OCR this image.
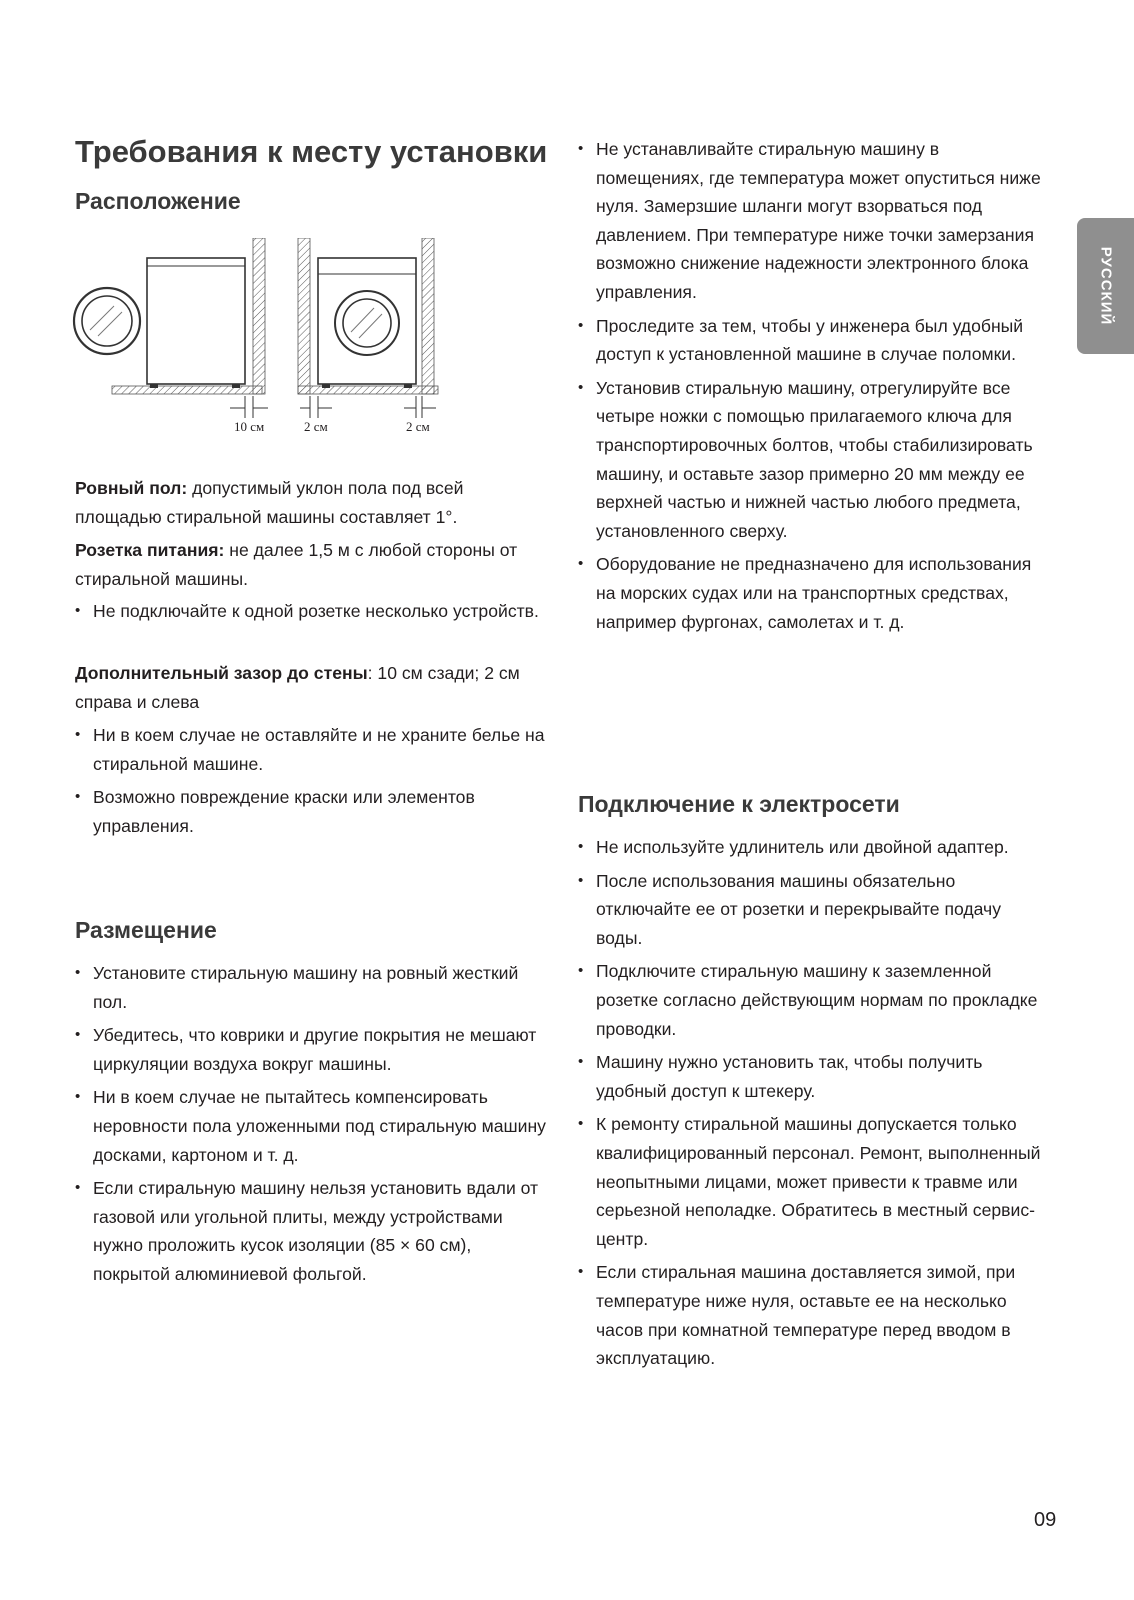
РУССКИЙ
Требования к месту установки
Расположение
10 см	2 см	2 см

Ровный пол: допустимый уклон пола под всей площадью стиральной машины составляет 1°.

Розетка питания: не далее 1,5 м с любой стороны от стиральной машины.

• Не подключайте к одной розетке несколько устройств.

Дополнительный зазор до стены: 10 см сзади; 2 см справа и слева

• Ни в коем случае не оставляйте и не храните белье на стиральной машине.
• Возможно повреждение краски или элементов управления.
Размещение
• Установите стиральную машину на ровный жесткий пол.
• Убедитесь, что коврики и другие покрытия не мешают циркуляции воздуха вокруг машины.
• Ни в коем случае не пытайтесь компенсировать неровности пола уложенными под стиральную машину досками, картоном и т. д.
• Если стиральную машину нельзя установить вдали от газовой или угольной плиты, между устройствами нужно проложить кусок изоляции (85 × 60 см), покрытой алюминиевой фольгой.
• Не устанавливайте стиральную машину в помещениях, где температура может опуститься ниже нуля. Замерзшие шланги могут взорваться под давлением. При температуре ниже точки замерзания возможно снижение надежности электронного блока управления.
• Проследите за тем, чтобы у инженера был удобный доступ к установленной машине в случае поломки.
• Установив стиральную машину, отрегулируйте все четыре ножки с помощью прилагаемого ключа для транспортировочных болтов, чтобы стабилизировать машину, и оставьте зазор примерно 20 мм между ее верхней частью и нижней частью любого предмета, установленного сверху.
• Оборудование не предназначено для использования на морских судах или на транспортных средствах, например фургонах, самолетах и т. д.
Подключение к электросети
• Не используйте удлинитель или двойной адаптер.
• После использования машины обязательно отключайте ее от розетки и перекрывайте подачу воды.
• Подключите стиральную машину к заземленной розетке согласно действующим нормам по прокладке проводки.
• Машину нужно установить так, чтобы получить удобный доступ к штекеру.
• К ремонту стиральной машины допускается только квалифицированный персонал. Ремонт, выполненный неопытными лицами, может привести к травме или серьезной неполадке. Обратитесь в местный сервис-центр.
• Если стиральная машина доставляется зимой, при температуре ниже нуля, оставьте ее на несколько часов при комнатной температуре перед вводом в эксплуатацию.
09
